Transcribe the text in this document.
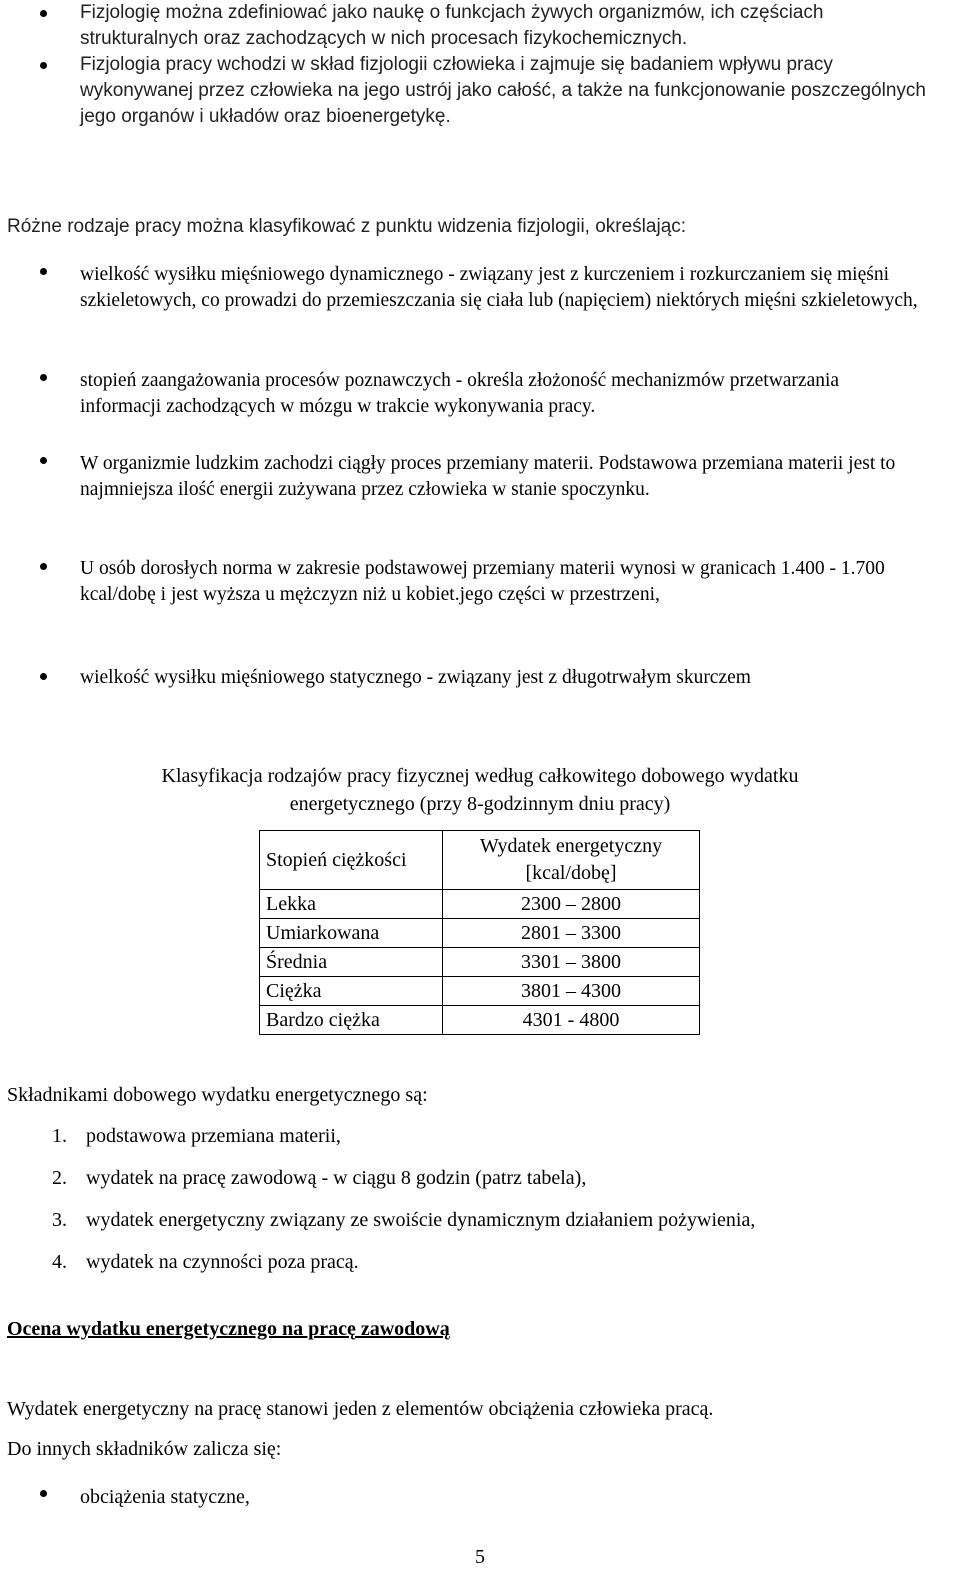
Fizjologię można zdefiniować jako naukę o funkcjach żywych organizmów, ich częściach strukturalnych oraz zachodzących w nich procesach fizykochemicznych.
Fizjologia pracy wchodzi w skład fizjologii człowieka i zajmuje się badaniem wpływu pracy wykonywanej przez człowieka na jego ustrój jako całość, a także na funkcjonowanie poszczególnych jego organów i układów oraz bioenergetykę.
Różne rodzaje pracy można klasyfikować z punktu widzenia fizjologii, określając:
wielkość wysiłku mięśniowego dynamicznego - związany jest z kurczeniem i rozkurczaniem się mięśni szkieletowych, co prowadzi do przemieszczania się ciała lub (napięciem) niektórych mięśni szkieletowych,
stopień zaangażowania procesów poznawczych - określa złożoność mechanizmów przetwarzania informacji zachodzących w mózgu w trakcie wykonywania pracy.
W organizmie ludzkim zachodzi ciągły proces przemiany materii. Podstawowa przemiana materii jest to najmniejsza ilość energii zużywana przez człowieka w stanie spoczynku.
U osób dorosłych norma w zakresie podstawowej przemiany materii wynosi w granicach 1.400 - 1.700 kcal/dobę i jest wyższa u mężczyzn niż u kobiet.jego części w przestrzeni,
wielkość wysiłku mięśniowego statycznego - związany jest z długotrwałym skurczem
Klasyfikacja rodzajów pracy fizycznej według całkowitego dobowego wydatku
energetycznego (przy 8-godzinnym dniu pracy)
Stopień ciężkości	Wydatek energetyczny
[kcal/dobę]

Lekka	2300 – 2800
Umiarkowana	2801 – 3300
Średnia	3301 – 3800
Ciężka	3801 – 4300
Bardzo ciężka	4301 - 4800
Składnikami dobowego wydatku energetycznego są:
1. podstawowa przemiana materii,
2. wydatek na pracę zawodową - w ciągu 8 godzin (patrz tabela),
3. wydatek energetyczny związany ze swoiście dynamicznym działaniem pożywienia,
4. wydatek na czynności poza pracą.
Ocena wydatku energetycznego na pracę zawodową
Wydatek energetyczny na pracę stanowi jeden z elementów obciążenia człowieka pracą.
Do innych składników zalicza się:
obciążenia statyczne,
5
